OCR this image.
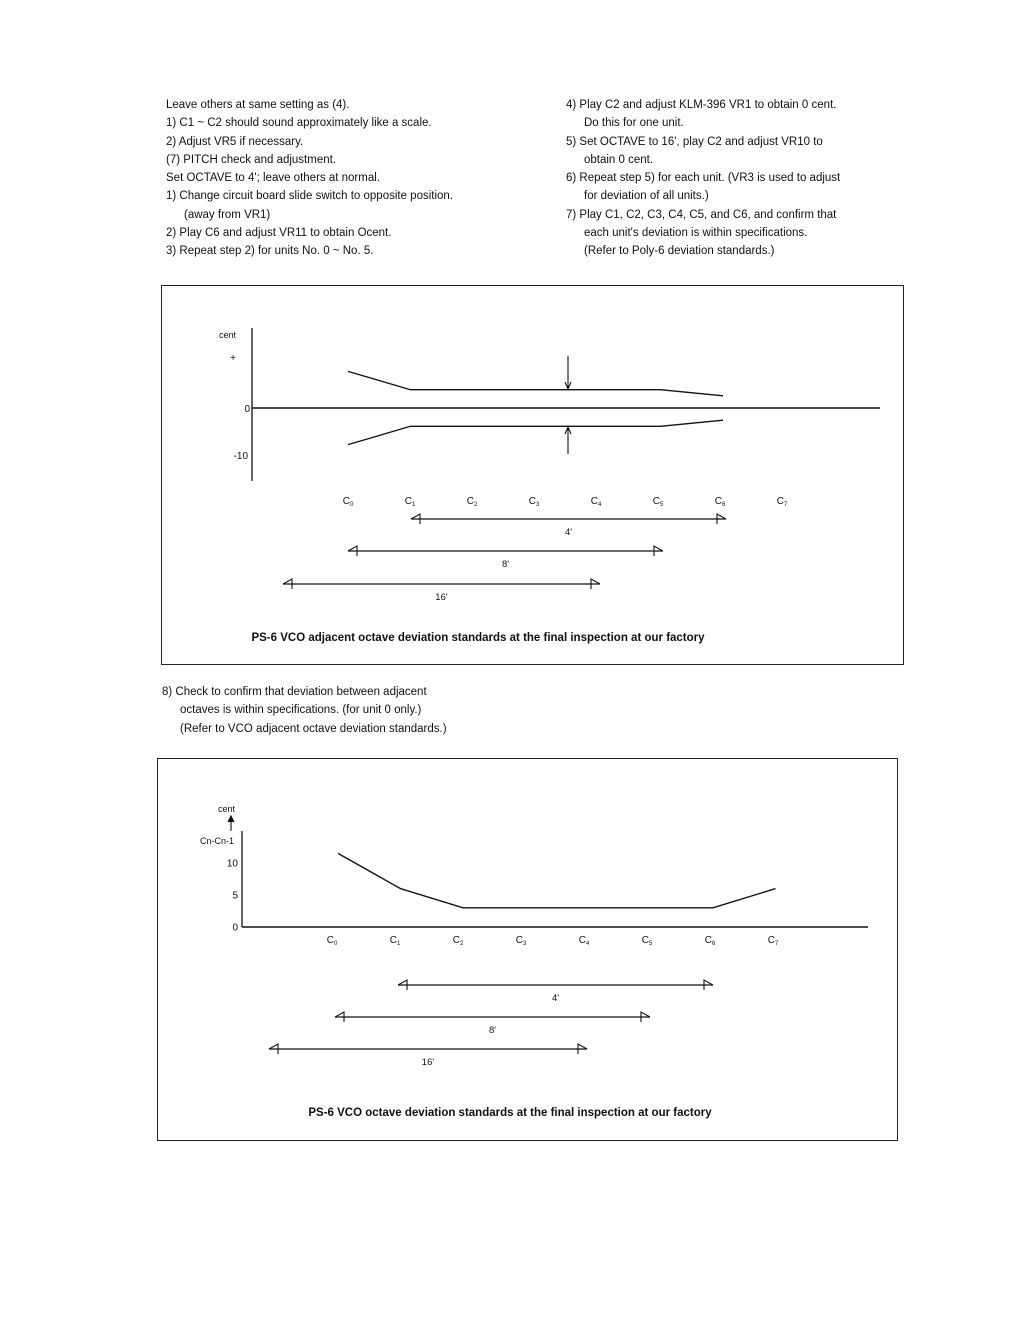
Leave others at same setting as (4).

1) C1 ~ C2 should sound approximately like a scale.

2) Adjust VR5 if necessary.

(7) PITCH check and adjustment.

Set OCTAVE to 4'; leave others at normal.

1) Change circuit board slide switch to opposite position.

(away from VR1)

2) Play C6 and adjust VR11 to obtain Ocent.

3) Repeat step 2) for units No. 0 ~ No. 5.

4) Play C2 and adjust KLM-396 VR1 to obtain 0 cent.

Do this for one unit.

5) Set OCTAVE to 16', play C2 and adjust VR10 to

obtain 0 cent.

6) Repeat step 5) for each unit. (VR3 is used to adjust

for deviation of all units.)

7) Play C1, C2, C3, C4, C5, and C6, and confirm that

each unit's deviation is within specifications.

(Refer to Poly-6 deviation standards.)

cent
+
0
-10
$C_0$	$C_1$	$C_2$	$C_3$	$C_4$	$C_5$	$C_6$	$C_7$
4'
8'
16'
PS-6 VCO adjacent octave deviation standards at the final inspection at our factory

8) Check to confirm that deviation between adjacent

octaves is within specifications. (for unit 0 only.)

(Refer to VCO adjacent octave deviation standards.)

cent
Cn-Cn-1
10
5
0
$C_0$	$C_1$	$C_2$	$C_3$	$C_4$	$C_5$	$C_6$	$C_7$
4'
8'
16'
PS-6 VCO octave deviation standards at the final inspection at our factory
